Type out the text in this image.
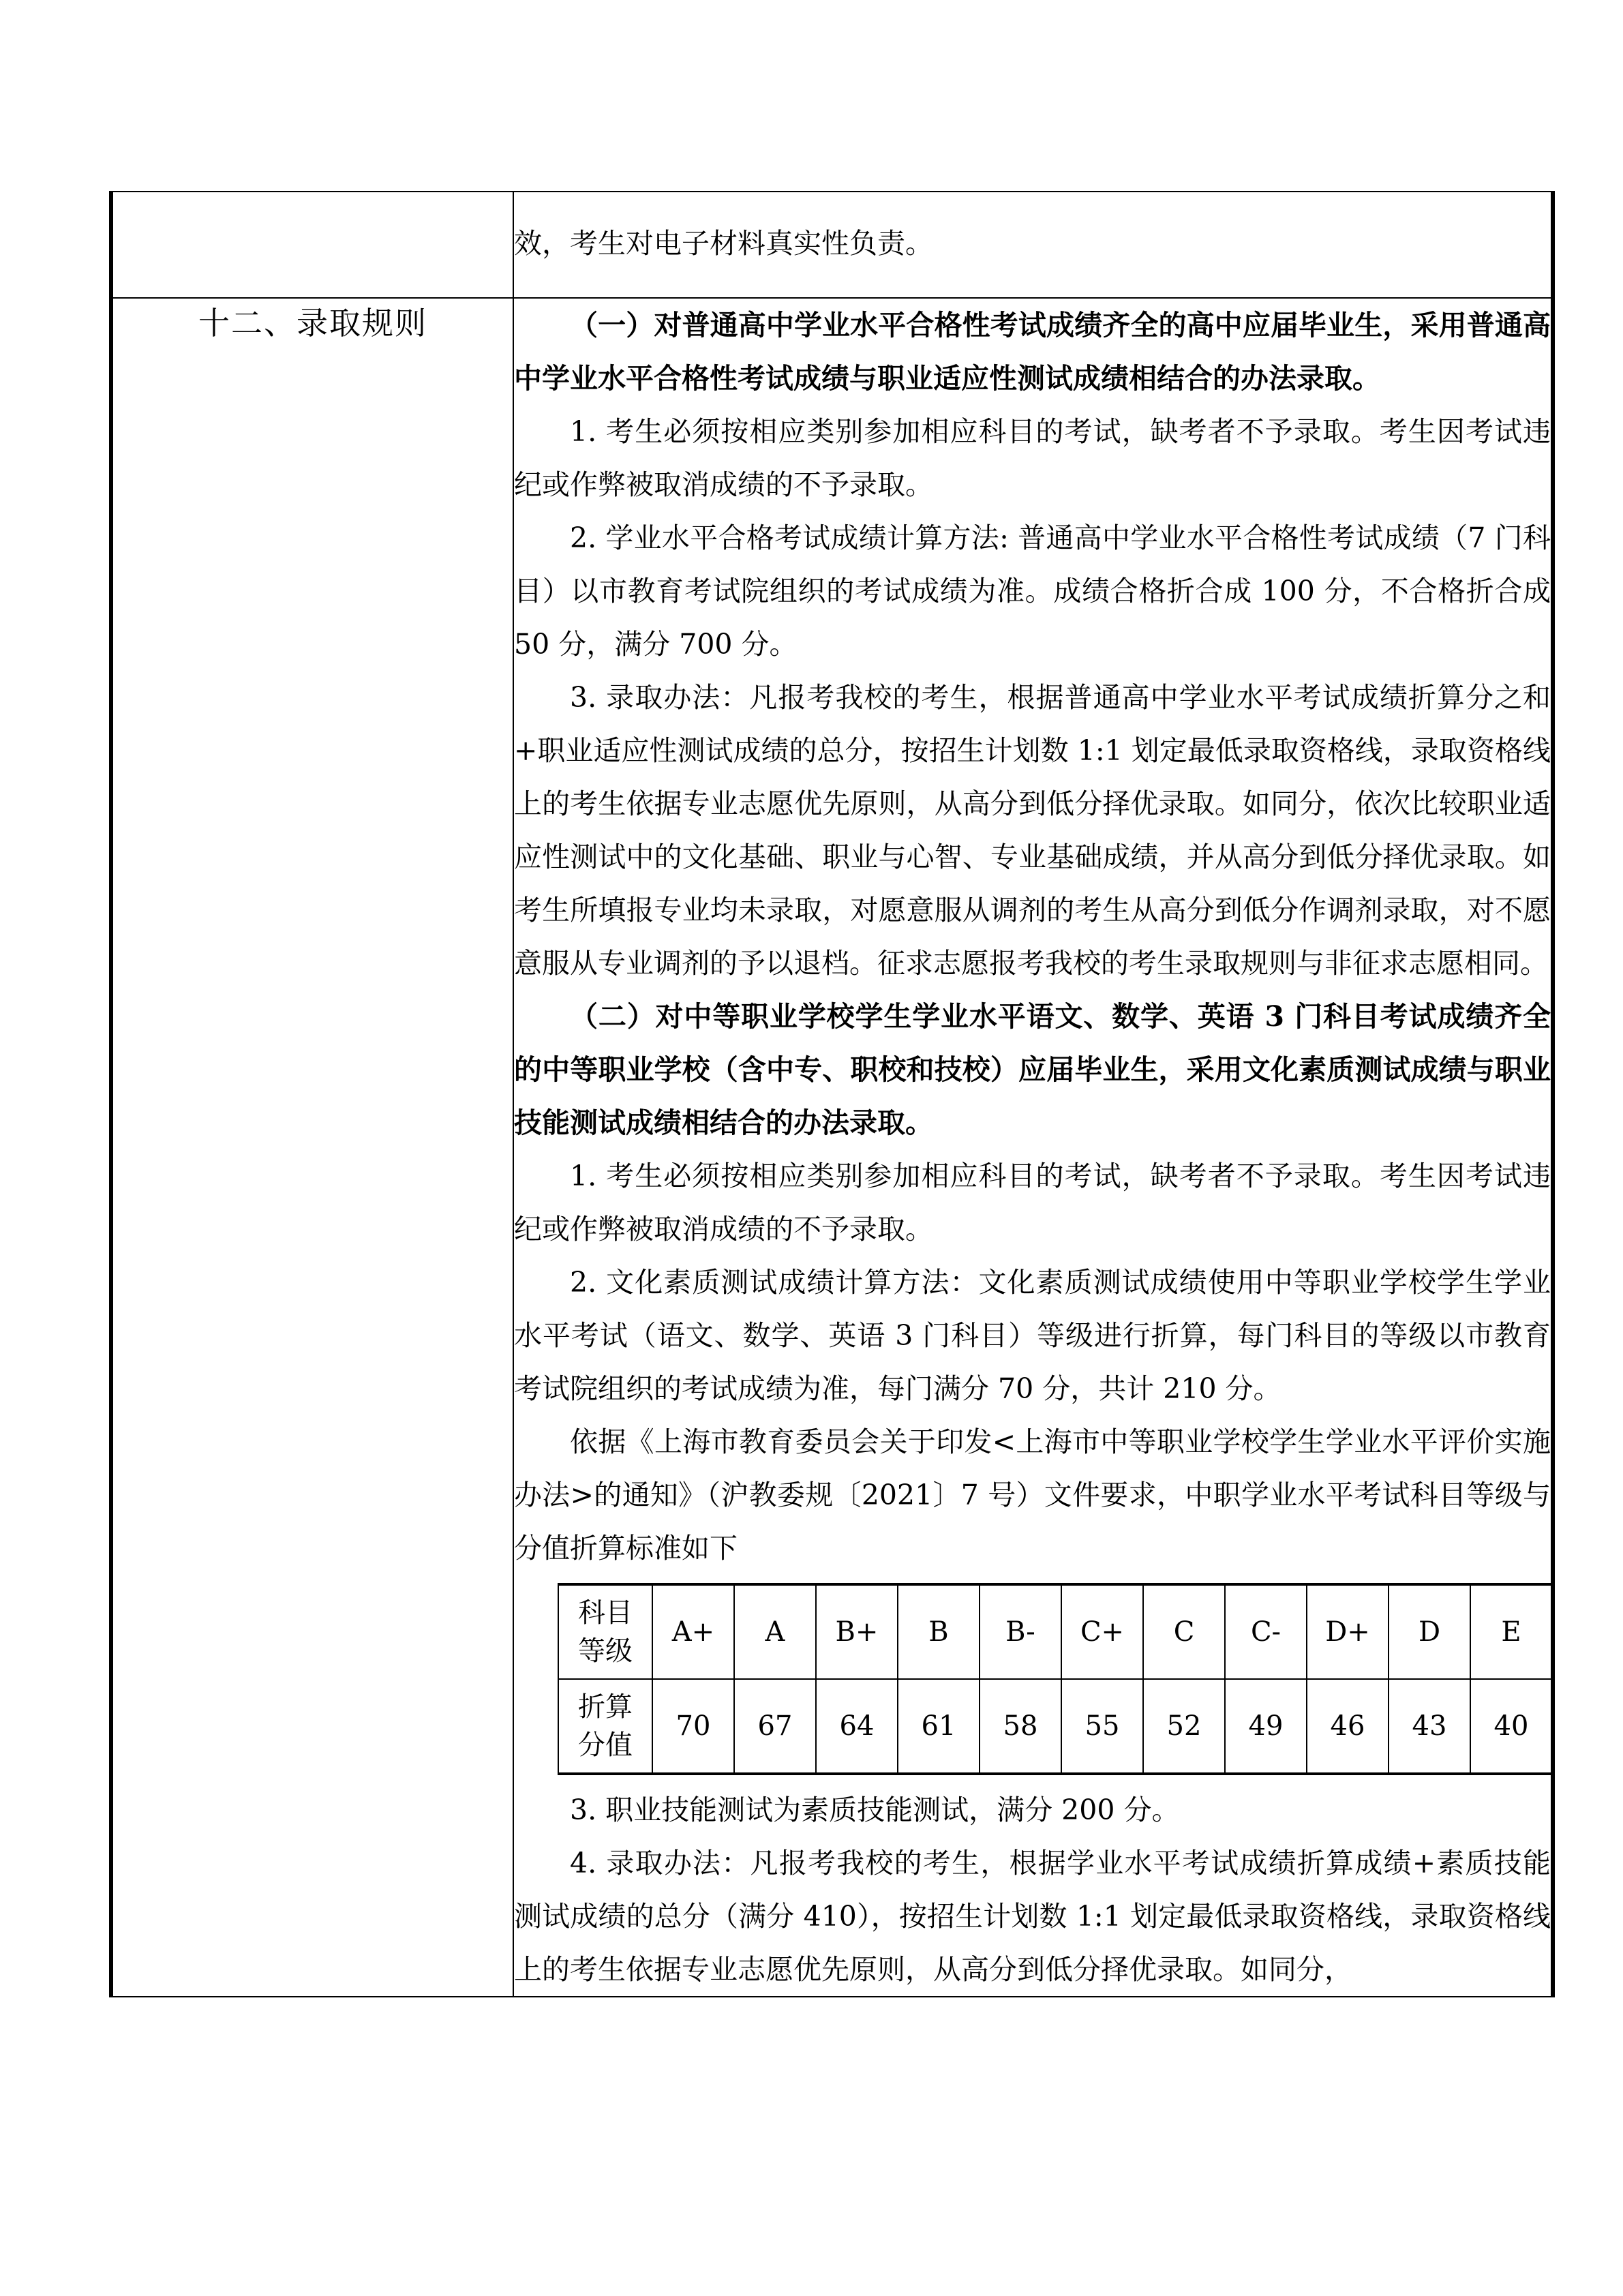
效，考生对电子材料真实性负责。

十二、录取规则	（一）对普通高中学业水平合格性考试成绩齐全的高中应届毕业生，采用普通高中学业水平合格性考试成绩与职业适应性测试成绩相结合的办法录取。

1. 考生必须按相应类别参加相应科目的考试，缺考者不予录取。考生因考试违纪或作弊被取消成绩的不予录取。

2. 学业水平合格考试成绩计算方法: 普通高中学业水平合格性考试成绩（7 门科目）以市教育考试院组织的考试成绩为准。成绩合格折合成 100 分，不合格折合成 50 分，满分 700 分。

3. 录取办法：凡报考我校的考生，根据普通高中学业水平考试成绩折算分之和+职业适应性测试成绩的总分，按招生计划数 1:1 划定最低录取资格线，录取资格线上的考生依据专业志愿优先原则，从高分到低分择优录取。如同分，依次比较职业适应性测试中的文化基础、职业与心智、专业基础成绩，并从高分到低分择优录取。如考生所填报专业均未录取，对愿意服从调剂的考生从高分到低分作调剂录取，对不愿意服从专业调剂的予以退档。征求志愿报考我校的考生录取规则与非征求志愿相同。

（二）对中等职业学校学生学业水平语文、数学、英语 3 门科目考试成绩齐全的中等职业学校（含中专、职校和技校）应届毕业生，采用文化素质测试成绩与职业技能测试成绩相结合的办法录取。

1. 考生必须按相应类别参加相应科目的考试，缺考者不予录取。考生因考试违纪或作弊被取消成绩的不予录取。

2. 文化素质测试成绩计算方法：文化素质测试成绩使用中等职业学校学生学业水平考试（语文、数学、英语 3 门科目）等级进行折算，每门科目的等级以市教育考试院组织的考试成绩为准，每门满分 70 分，共计 210 分。

依据《上海市教育委员会关于印发<上海市中等职业学校学生学业水平评价实施办法>的通知》（沪教委规〔2021〕7 号）文件要求，中职学业水平考试科目等级与分值折算标准如下

科目
等级
	A+	A	B+	B	B-	C+	C	C-	D+	D	E

折算
分值
	70	67	64	61	58	55	52	49	46	43	40

3. 职业技能测试为素质技能测试，满分 200 分。

4. 录取办法：凡报考我校的考生，根据学业水平考试成绩折算成绩+素质技能测试成绩的总分（满分 410），按招生计划数 1:1 划定最低录取资格线，录取资格线上的考生依据专业志愿优先原则，从高分到低分择优录取。如同分，
